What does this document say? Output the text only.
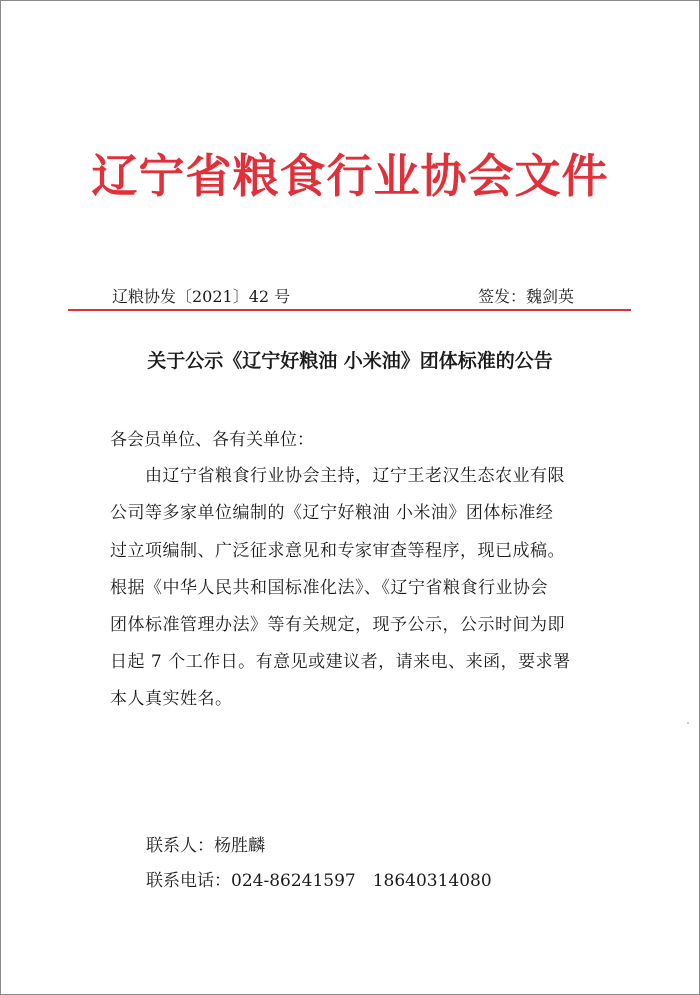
辽宁省粮食行业协会文件
辽粮协发〔2021〕42 号	签发：魏剑英
关于公示《辽宁好粮油 小米油》团体标准的公告
各会员单位、各有关单位：
　　由辽宁省粮食行业协会主持，辽宁王老汉生态农业有限
公司等多家单位编制的《辽宁好粮油 小米油》团体标准经
过立项编制、广泛征求意见和专家审查等程序，现已成稿。
根据《中华人民共和国标准化法》、《辽宁省粮食行业协会
团体标准管理办法》等有关规定，现予公示，公示时间为即
日起 7 个工作日。有意见或建议者，请来电、来函，要求署
本人真实姓名。
联系人：杨胜麟
联系电话：024-86241597　18640314080
